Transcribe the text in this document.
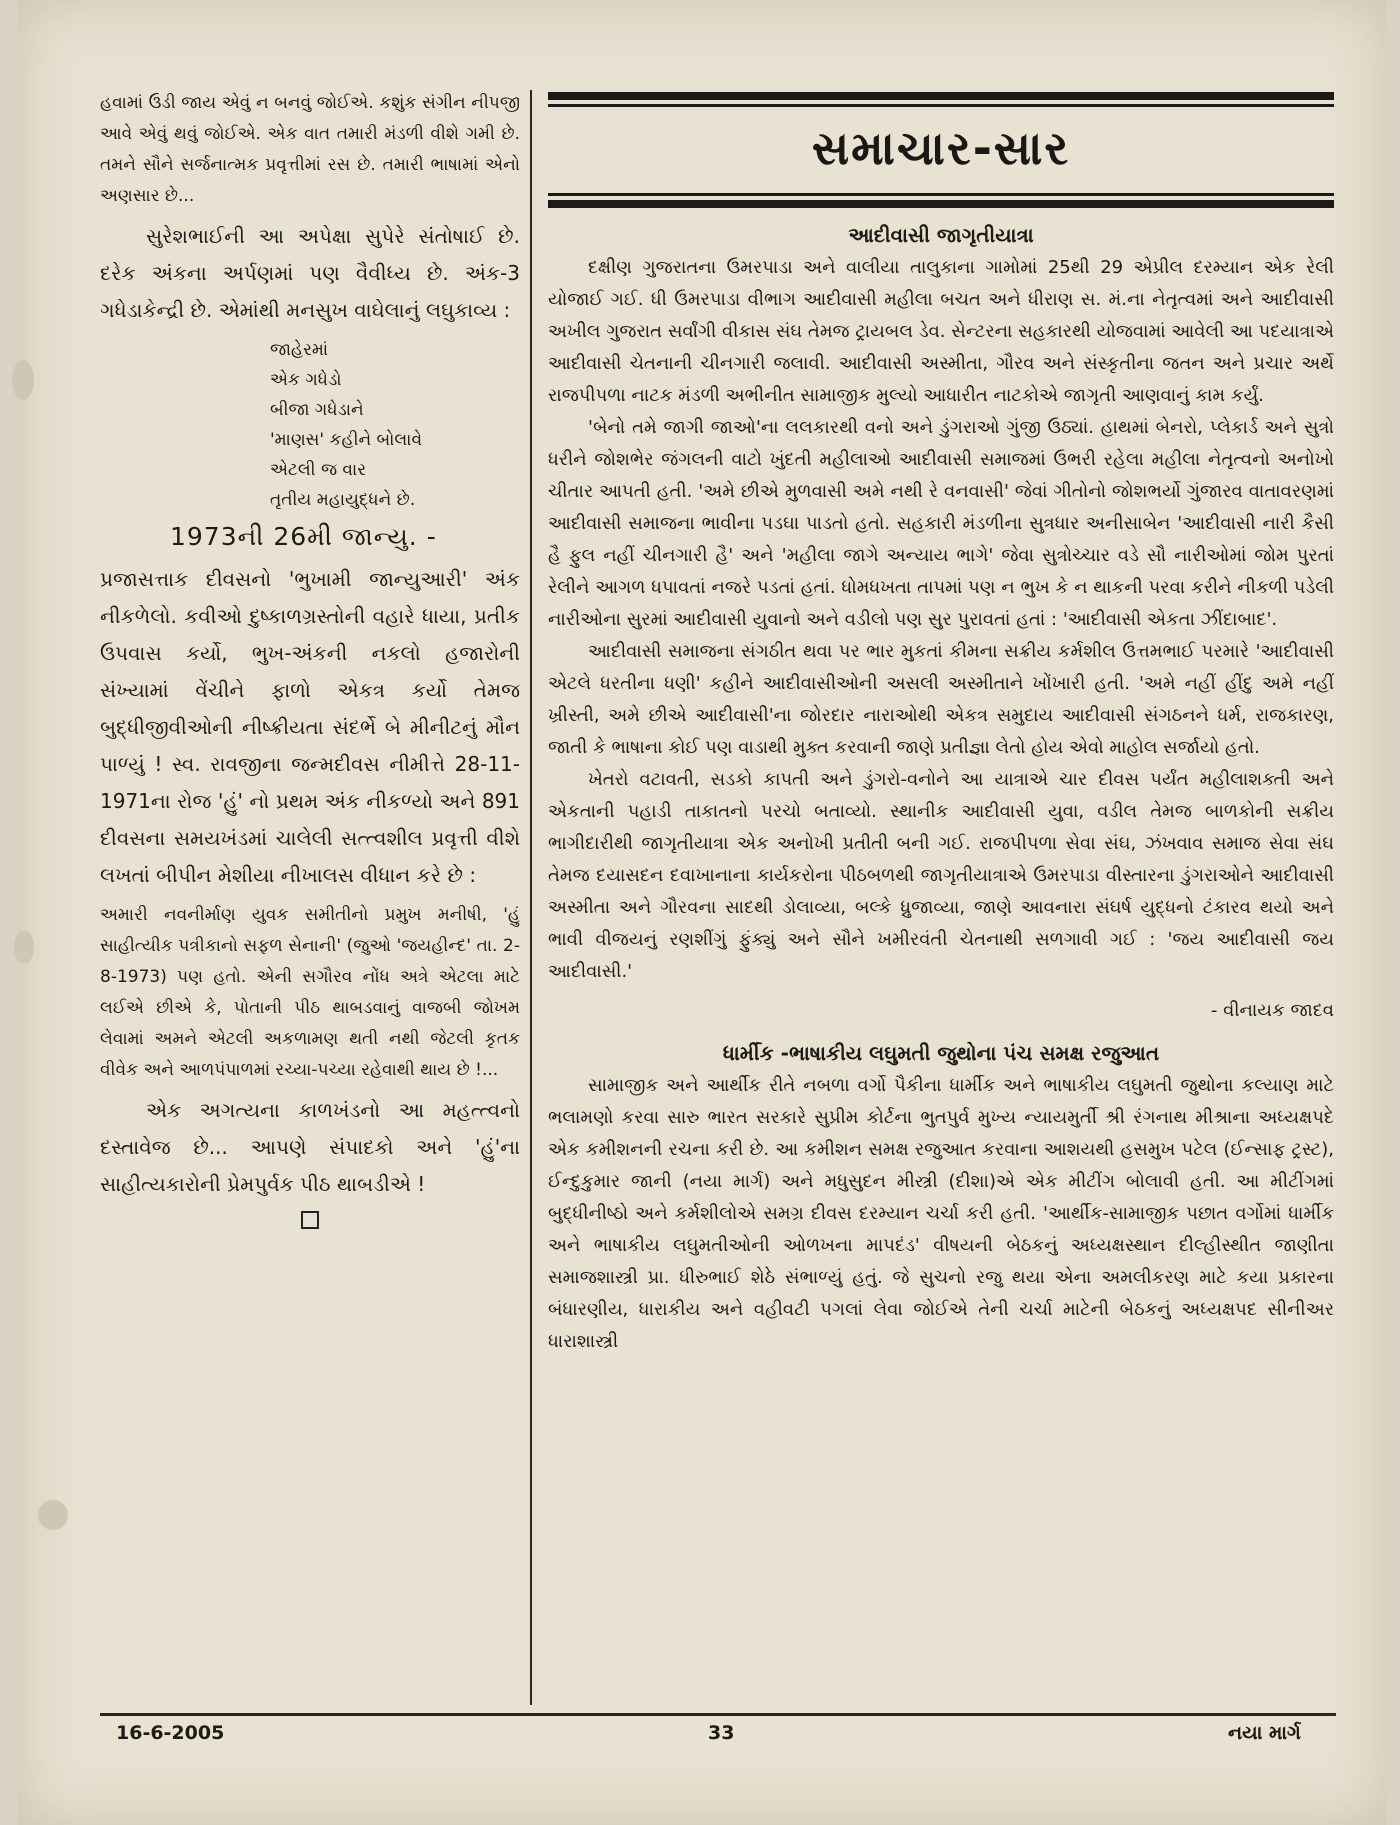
હવામાં ઉડી જાય એવું ન બનવું જોઈએ. કશુંક સંગીન નીપજી આવે એવું થવું જોઈએ. એક વાત તમારી મંડળી વીશે ગમી છે. તમને સૌને સર્જનાત્મક પ્રવૃત્તીમાં રસ છે. તમારી ભાષામાં એનો અણસાર છે...

સુરેશભાઈની આ અપેક્ષા સુપેરે સંતોષાઈ છે. દરેક અંકના અર્પણમાં પણ વૈવીધ્ય છે. અંક-3 ગધેડાકેન્દ્રી છે. એમાંથી મનસુખ વાઘેલાનું લઘુકાવ્ય :

જાહેરમાં
એક ગધેડો
બીજા ગધેડાને
'માણસ' કહીને બોલાવે
એટલી જ વાર
તૃતીય મહાયુદ્ધને છે.

1973ની 26મી જાન્યુ. -

પ્રજાસત્તાક દીવસનો 'ભુખામી જાન્યુઆરી' અંક નીકળેલો. કવીઓ દુષ્કાળગ્રસ્તોની વહારે ધાયા, પ્રતીક ઉપવાસ કર્યો, ભુખ-અંકની નકલો હજારોની સંખ્યામાં વેંચીને ફાળો એકત્ર કર્યો તેમજ બુદ્ધીજીવીઓની નીષ્ક્રીયતા સંદર્ભે બે મીનીટનું મૌન પાળ્યું ! સ્વ. રાવજીના જન્મદીવસ નીમીત્તે 28-11-1971ના રોજ 'હું' નો પ્રથમ અંક નીકળ્યો અને 891 દીવસના સમયખંડમાં ચાલેલી સત્ત્વશીલ પ્રવૃત્તી વીશે લખતાં બીપીન મેશીયા નીખાલસ વીધાન કરે છે :

અમારી નવનીર્માણ યુવક સમીતીનો પ્રમુખ મનીષી, 'હું સાહીત્યીક પત્રીકાનો સફળ સેનાની' (જુઓ 'જયહીન્દ' તા. 2-8-1973) પણ હતો. એની સગૌરવ નોંધ અત્રે એટલા માટે લઈએ છીએ કે, પોતાની પીઠ થાબડવાનું વાજબી જોખમ લેવામાં અમને એટલી અકળામણ થતી નથી જેટલી કૃતક વીવેક અને આળપંપાળમાં રચ્યા-પચ્યા રહેવાથી થાય છે !...

એક અગત્યના કાળખંડનો આ મહત્ત્વનો દસ્તાવેજ છે... આપણે સંપાદકો અને 'હું'ના સાહીત્યકારોની પ્રેમપુર્વક પીઠ થાબડીએ !

સમાચાર-સાર
આદીવાસી જાગૃતીયાત્રા

દક્ષીણ ગુજરાતના ઉમરપાડા અને વાલીયા તાલુકાના ગામોમાં 25થી 29 એપ્રીલ દરમ્યાન એક રેલી યોજાઈ ગઈ. ધી ઉમરપાડા વીભાગ આદીવાસી મહીલા બચત અને ધીરાણ સ. મં.ના નેતૃત્વમાં અને આદીવાસી અખીલ ગુજરાત સર્વાંગી વીકાસ સંઘ તેમજ ટ્રાયબલ ડેવ. સેન્ટરના સહકારથી યોજવામાં આવેલી આ પદયાત્રાએ આદીવાસી ચેતનાની ચીનગારી જલાવી. આદીવાસી અસ્મીતા, ગૌરવ અને સંસ્કૃતીના જતન અને પ્રચાર અર્થે રાજપીપળા નાટક મંડળી અભીનીત સામાજીક મુલ્યો આધારીત નાટકોએ જાગૃતી આણવાનું કામ કર્યું.

'બેનો તમે જાગી જાઓ'ના લલકારથી વનો અને ડુંગરાઓ ગુંજી ઉઠ્યાં. હાથમાં બેનરો, પ્લેકાર્ડ અને સુત્રો ધરીને જોશભેર જંગલની વાટો ખુંદતી મહીલાઓ આદીવાસી સમાજમાં ઉભરી રહેલા મહીલા નેતૃત્વનો અનોખો ચીતાર આપતી હતી. 'અમે છીએ મુળવાસી અમે નથી રે વનવાસી' જેવાં ગીતોનો જોશભર્યો ગુંજારવ વાતાવરણમાં આદીવાસી સમાજના ભાવીના પડઘા પાડતો હતો. સહકારી મંડળીના સુત્રધાર અનીસાબેન 'આદીવાસી નારી કૈસી હૈ ફુલ નહીં ચીનગારી હૈ' અને 'મહીલા જાગે અન્યાય ભાગે' જેવા સુત્રોચ્ચાર વડે સૌ નારીઓમાં જોમ પુરતાં રેલીને આગળ ધપાવતાં નજરે પડતાં હતાં. ધોમધખતા તાપમાં પણ ન ભુખ કે ન થાકની પરવા કરીને નીકળી પડેલી નારીઓના સુરમાં આદીવાસી યુવાનો અને વડીલો પણ સુર પુરાવતાં હતાં : 'આદીવાસી એકતા ઝીંદાબાદ'.

આદીવાસી સમાજના સંગઠીત થવા પર ભાર મુકતાં કીમના સક્રીય કર્મશીલ ઉત્તમભાઈ પરમારે 'આદીવાસી એટલે ધરતીના ધણી' કહીને આદીવાસીઓની અસલી અસ્મીતાને ખોંખારી હતી. 'અમે નહીં હીંદુ અમે નહીં ખ્રીસ્તી, અમે છીએ આદીવાસી'ના જોરદાર નારાઓથી એકત્ર સમુદાય આદીવાસી સંગઠનને ધર્મ, રાજકારણ, જાતી કે ભાષાના કોઈ પણ વાડાથી મુક્ત કરવાની જાણે પ્રતીજ્ઞા લેતો હોય એવો માહોલ સર્જાયો હતો.

ખેતરો વટાવતી, સડકો કાપતી અને ડુંગરો-વનોને આ યાત્રાએ ચાર દીવસ પર્યંત મહીલાશક્તી અને એકતાની પહાડી તાકાતનો પરચો બતાવ્યો. સ્થાનીક આદીવાસી યુવા, વડીલ તેમજ બાળકોની સક્રીય ભાગીદારીથી જાગૃતીયાત્રા એક અનોખી પ્રતીતી બની ગઈ. રાજપીપળા સેવા સંઘ, ઝંખવાવ સમાજ સેવા સંઘ તેમજ દયાસદન દવાખાનાના કાર્યકરોના પીઠબળથી જાગૃતીયાત્રાએ ઉમરપાડા વીસ્તારના ડુંગરાઓને આદીવાસી અસ્મીતા અને ગૌરવના સાદથી ડોલાવ્યા, બલ્કે ધ્રુજાવ્યા, જાણે આવનારા સંઘર્ષ યુદ્ધનો ટંકારવ થયો અને ભાવી વીજયનું રણશીંગું ફુંક્યું અને સૌને ખમીરવંતી ચેતનાથી સળગાવી ગઈ : 'જય આદીવાસી જય આદીવાસી.'

- વીનાયક જાદવ
ધાર્મીક -ભાષાકીય લઘુમતી જુથોના પંચ સમક્ષ રજુઆત

સામાજીક અને આર્થીક રીતે નબળા વર્ગો પૈકીના ધાર્મીક અને ભાષાકીય લઘુમતી જુથોના કલ્યાણ માટે ભલામણો કરવા સારુ ભારત સરકારે સુપ્રીમ કોર્ટના ભુતપુર્વ મુખ્ય ન્યાયમુર્તી શ્રી રંગનાથ મીશ્રાના અધ્યક્ષપદે એક કમીશનની રચના કરી છે. આ કમીશન સમક્ષ રજુઆત કરવાના આશયથી હસમુખ પટેલ (ઈન્સાફ ટ્રસ્ટ), ઈન્દુકુમાર જાની (નયા માર્ગ) અને મધુસુદન મીસ્ત્રી (દીશા)એ એક મીટીંગ બોલાવી હતી. આ મીટીંગમાં બુદ્ધીનીષ્ઠો અને કર્મશીલોએ સમગ્ર દીવસ દરમ્યાન ચર્ચા કરી હતી. 'આર્થીક-સામાજીક પછાત વર્ગોમાં ધાર્મીક અને ભાષાકીય લઘુમતીઓની ઓળખના માપદંડ' વીષયની બેઠકનું અધ્યક્ષસ્થાન દીલ્હીસ્થીત જાણીતા સમાજશાસ્ત્રી પ્રા. ધીરુભાઈ શેઠે સંભાળ્યું હતું. જે સુચનો રજુ થયા એના અમલીકરણ માટે કયા પ્રકારના બંધારણીય, ધારાકીય અને વહીવટી પગલાં લેવા જોઈએ તેની ચર્ચા માટેની બેઠકનું અધ્યક્ષપદ સીનીઅર ધારાશાસ્ત્રી

16-6-2005	33	નયા માર્ગ
